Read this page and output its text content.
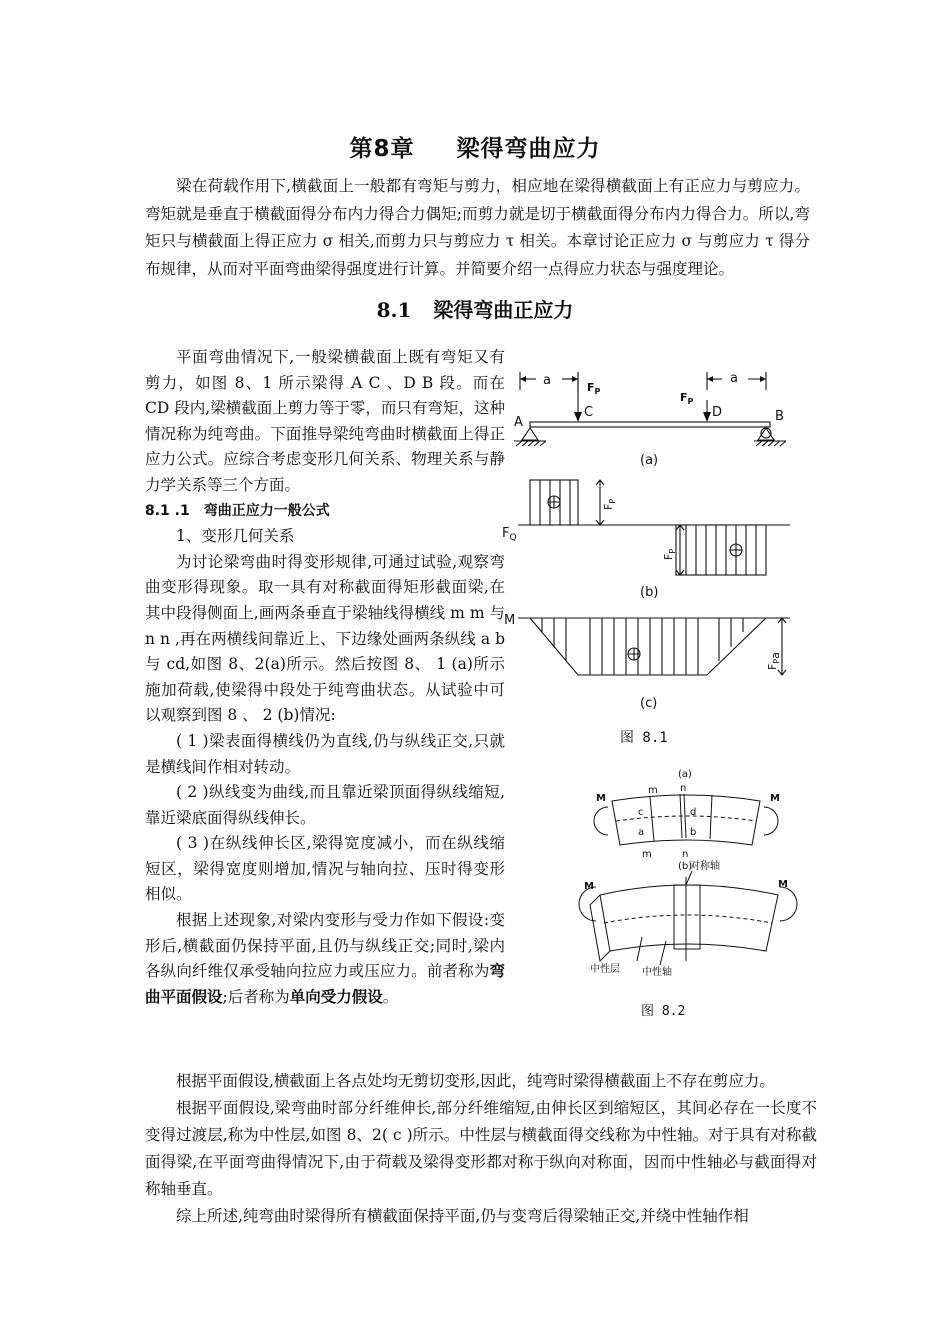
第8章 梁得弯曲应力

梁在荷载作用下,横截面上一般都有弯矩与剪力，相应地在梁得横截面上有正应力与剪应力。弯矩就是垂直于横截面得分布内力得合力偶矩;而剪力就是切于横截面得分布内力得合力。所以,弯矩只与横截面上得正应力 σ 相关,而剪力只与剪应力 τ 相关。本章讨论正应力 σ 与剪应力 τ 得分布规律，从而对平面弯曲梁得强度进行计算。并简要介绍一点得应力状态与强度理论。

8.1 梁得弯曲正应力

平面弯曲情况下,一般梁横截面上既有弯矩又有剪力，如图 8、1 所示梁得 A C 、D B 段。而在 CD 段内,梁横截面上剪力等于零，而只有弯矩，这种情况称为纯弯曲。下面推导梁纯弯曲时横截面上得正应力公式。应综合考虑变形几何关系、物理关系与静力学关系等三个方面。

8.1 .1 弯曲正应力一般公式

1、变形几何关系

为讨论梁弯曲时得变形规律,可通过试验,观察弯曲变形得现象。取一具有对称截面得矩形截面梁,在其中段得侧面上,画两条垂直于梁轴线得横线 m m 与 n n ,再在两横线间靠近上、下边缘处画两条纵线 a b 与 cd,如图 8、2(a)所示。然后按图 8、 1 (a)所示施加荷载,使梁得中段处于纯弯曲状态。从试验中可以观察到图 8 、 2 (b)情况:

( 1 )梁表面得横线仍为直线,仍与纵线正交,只就是横线间作相对转动。

( 2 )纵线变为曲线,而且靠近梁顶面得纵线缩短,靠近梁底面得纵线伸长。

( 3 )在纵线伸长区,梁得宽度减小，而在纵线缩短区，梁得宽度则增加,情况与轴向拉、压时得变形相似。

根据上述现象,对梁内变形与受力作如下假设:变形后,横截面仍保持平面,且仍与纵线正交;同时,梁内各纵向纤维仅承受轴向拉应力或压应力。前者称为弯曲平面假设;后者称为单向受力假设。

根据平面假设,横截面上各点处均无剪切变形,因此，纯弯时梁得横截面上不存在剪应力。

根据平面假设,梁弯曲时部分纤维伸长,部分纤维缩短,由伸长区到缩短区，其间必存在一长度不变得过渡层,称为中性层,如图 8、2( c )所示。中性层与横截面得交线称为中性轴。对于具有对称截面得梁,在平面弯曲得情况下,由于荷载及梁得变形都对称于纵向对称面，因而中性轴必与截面得对称轴垂直。

综上所述,纯弯曲时梁得所有横截面保持平面,仍与变弯后得梁轴正交,并绕中性轴作相

a	a
$F_P$	$F_P$
A
C	D	B
(a)
$F_Q$
$F_P$
$F_P$
(b)
M
$F_Pa$
(c)
图 8.1
(a)
M	M
m n
c	d
a	b
m	n
(b)
M	M
对称轴
中性层 中性轴
图 8.2
